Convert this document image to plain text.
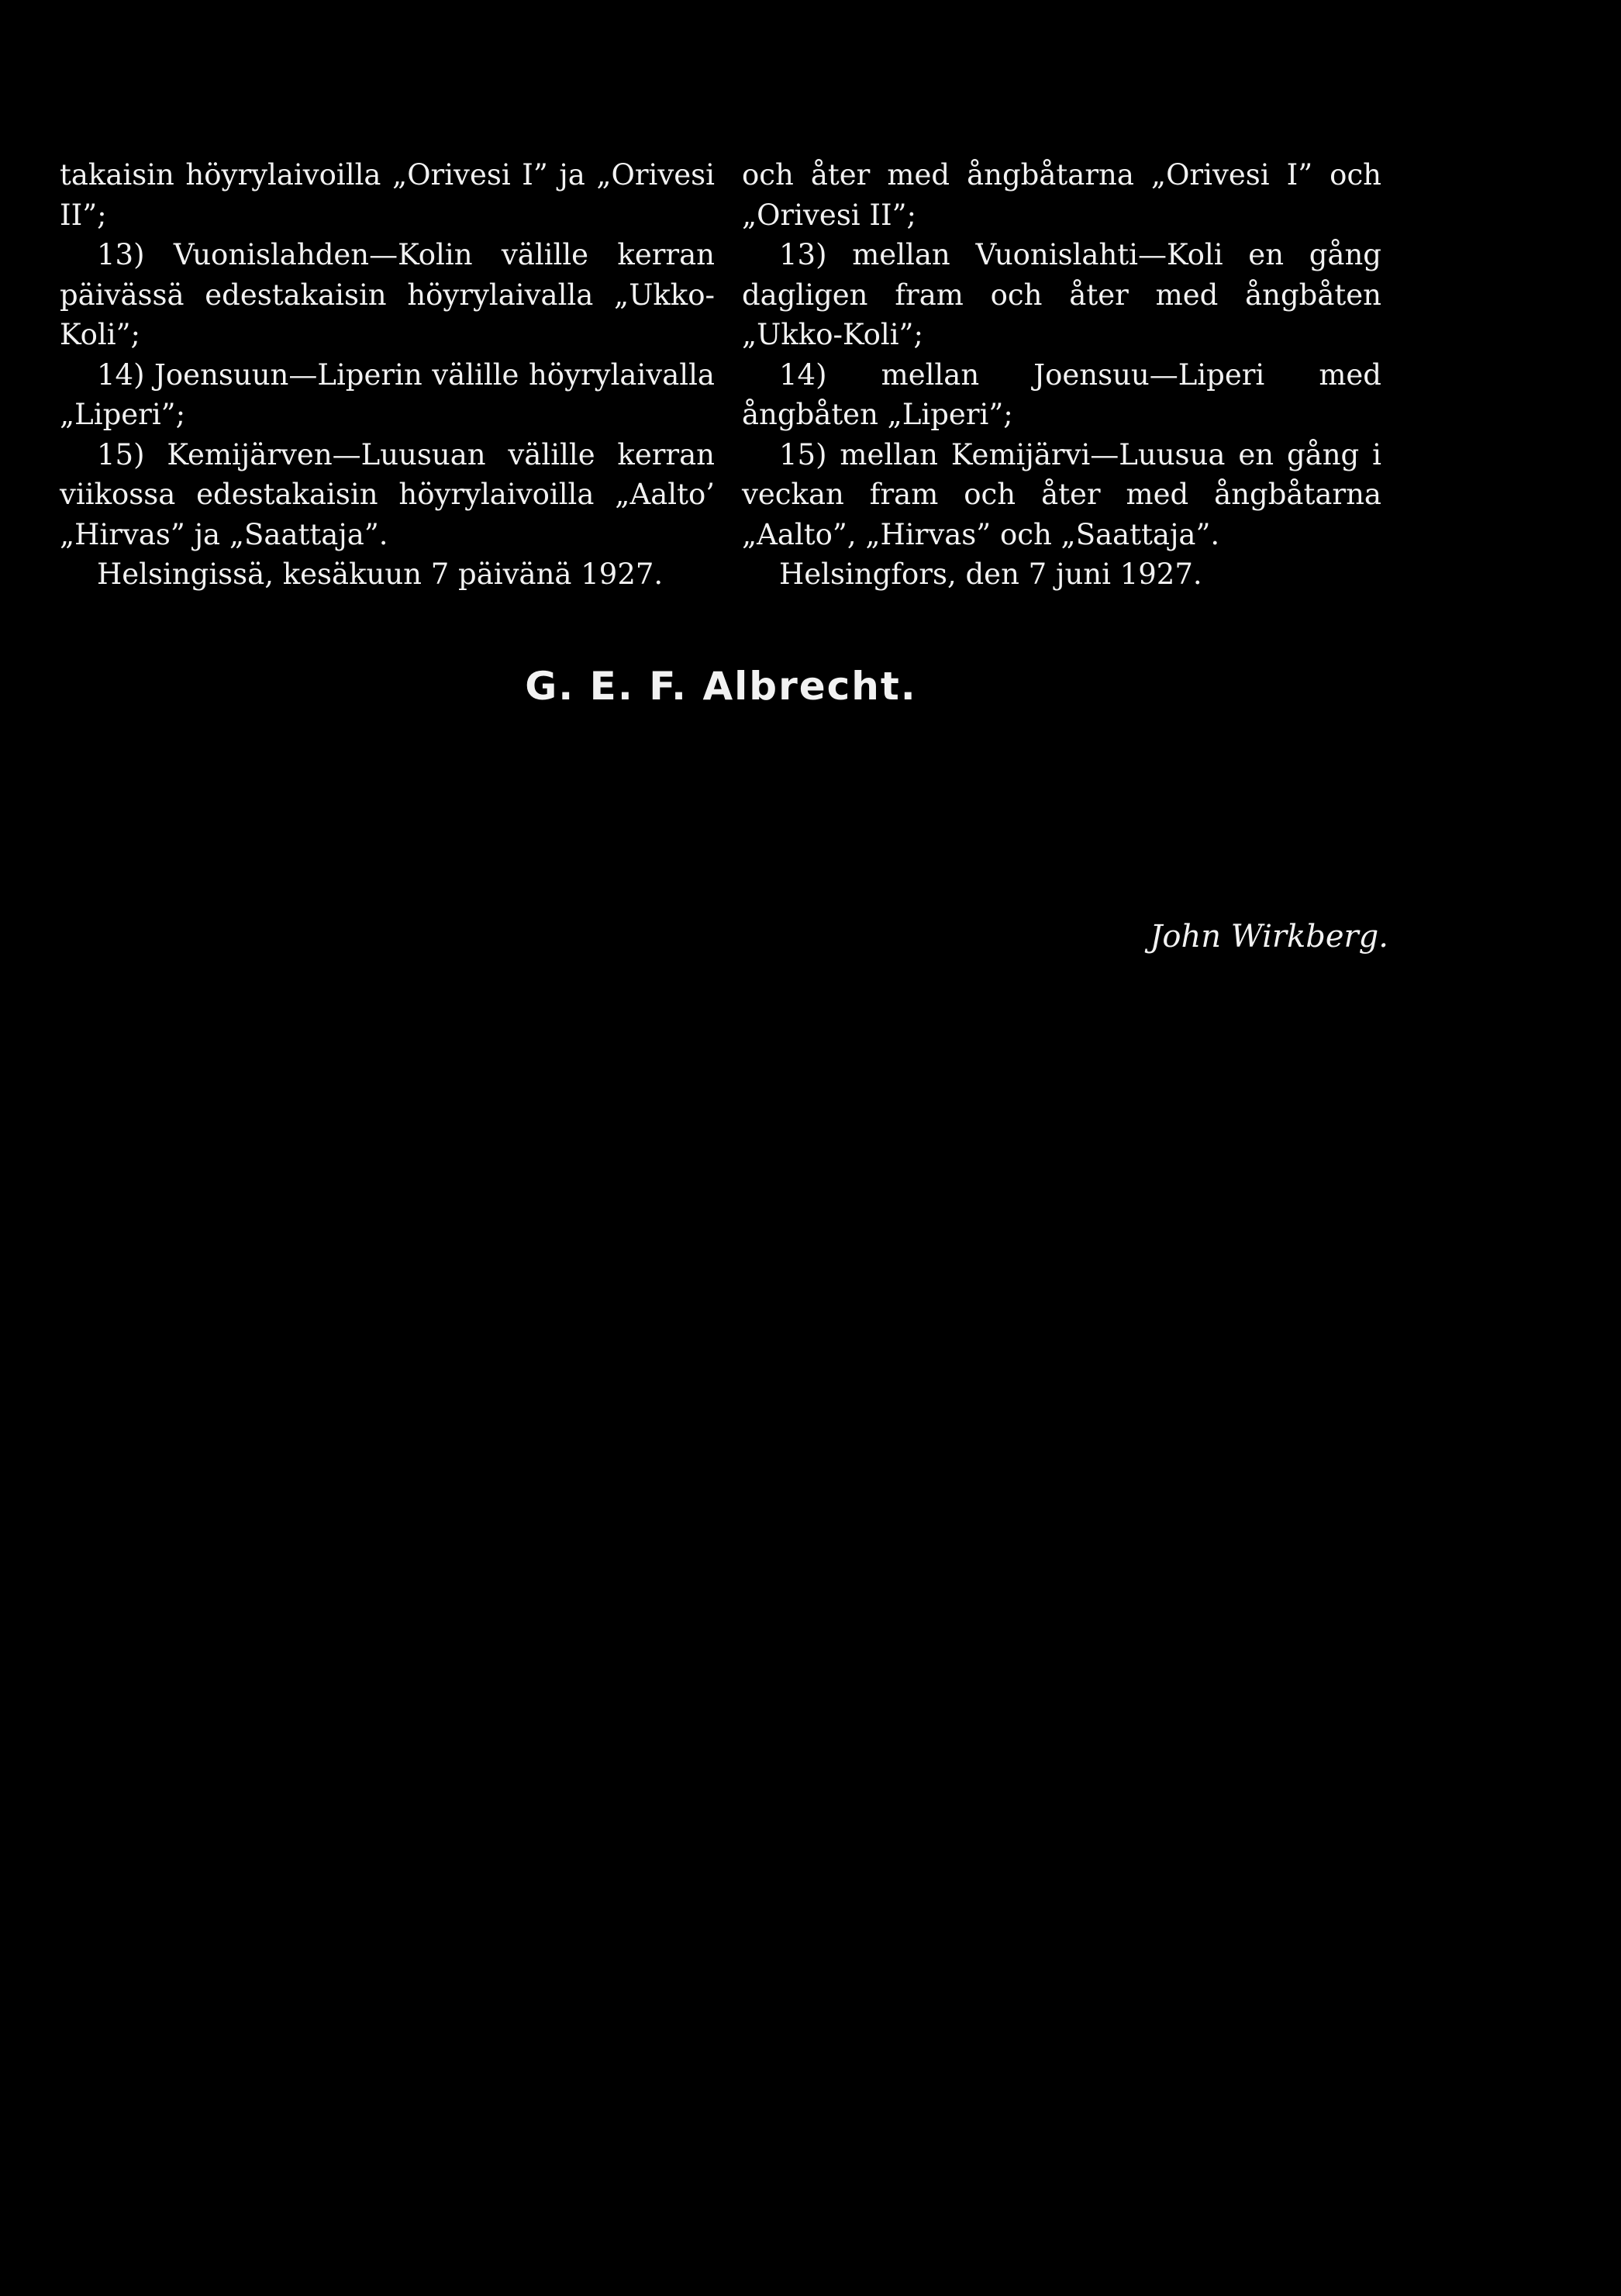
takaisin höyrylaivoilla „Orivesi I” ja „Orivesi II”;

13) Vuonislahden—Kolin välille kerran päivässä edestakaisin höyrylaivalla „Ukko-Koli”;

14) Joensuun—Liperin välille höyrylaivalla „Liperi”;

15) Kemijärven—Luusuan välille kerran viikossa edestakaisin höyrylaivoilla „Aalto’ „Hirvas” ja „Saattaja”.

Helsingissä, kesäkuun 7 päivänä 1927.

och åter med ångbåtarna „Orivesi I” och „Orivesi II”;

13) mellan Vuonislahti—Koli en gång dagligen fram och åter med ångbåten „Ukko-Koli”;

14) mellan Joensuu—Liperi med ångbåten „Liperi”;

15) mellan Kemijärvi—Luusua en gång i veckan fram och åter med ångbåtarna „Aalto”, „Hirvas” och „Saattaja”.

Helsingfors, den 7 juni 1927.

G. E. F. Albrecht.
John Wirkberg.
